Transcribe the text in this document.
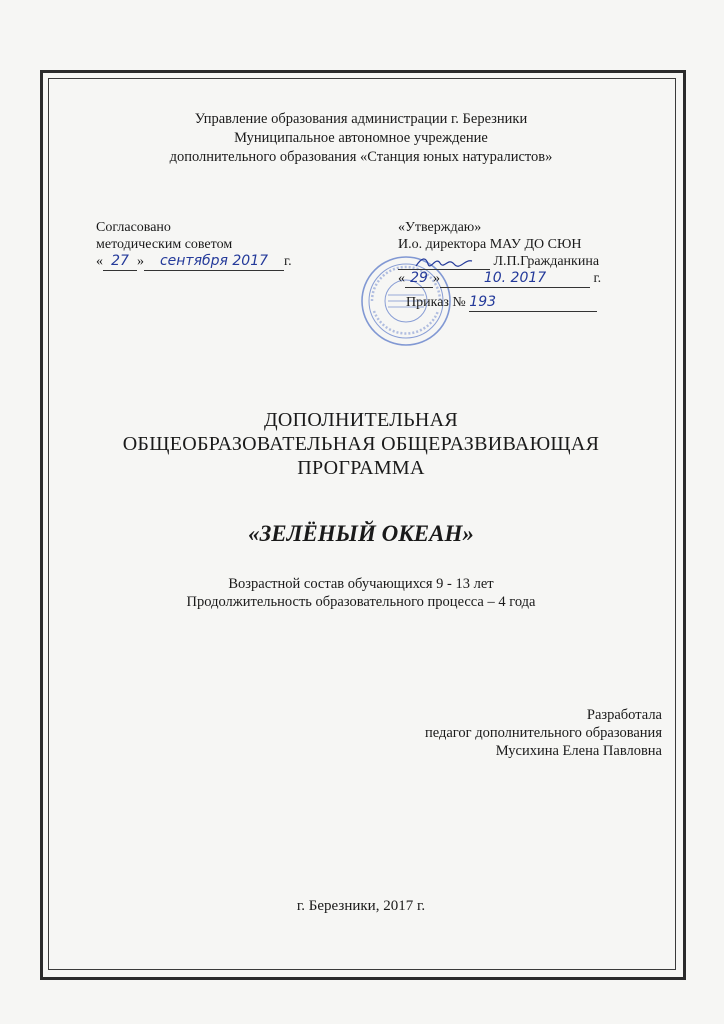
Управление образования администрации г. Березники
Муниципальное автономное учреждение
дополнительного образования «Станция юных натуралистов»
Согласовано
методическим советом
« 27 » сентября 2017 г.
«Утверждаю»
И.о. директора МАУ ДО СЮН
Л.П.Гражданкина
« 29 »	10. 2017	г.
Приказ № 193
ДОПОЛНИТЕЛЬНАЯ
ОБЩЕОБРАЗОВАТЕЛЬНАЯ ОБЩЕРАЗВИВАЮЩАЯ
ПРОГРАММА
«ЗЕЛЁНЫЙ ОКЕАН»
Возрастной состав обучающихся 9 - 13 лет
Продолжительность образовательного процесса – 4 года
Разработала
педагог дополнительного образования
Мусихина Елена Павловна
г. Березники, 2017 г.
